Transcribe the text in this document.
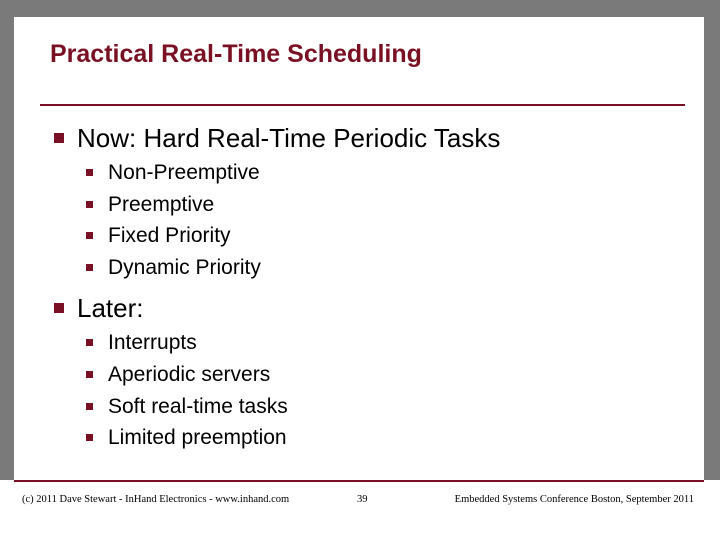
Practical Real-Time Scheduling
Now: Hard Real-Time Periodic Tasks
Non-Preemptive
Preemptive
Fixed Priority
Dynamic Priority
Later:
Interrupts
Aperiodic servers
Soft real-time tasks
Limited preemption
(c) 2011 Dave Stewart - InHand Electronics - www.inhand.com	39	Embedded Systems Conference Boston, September 2011
